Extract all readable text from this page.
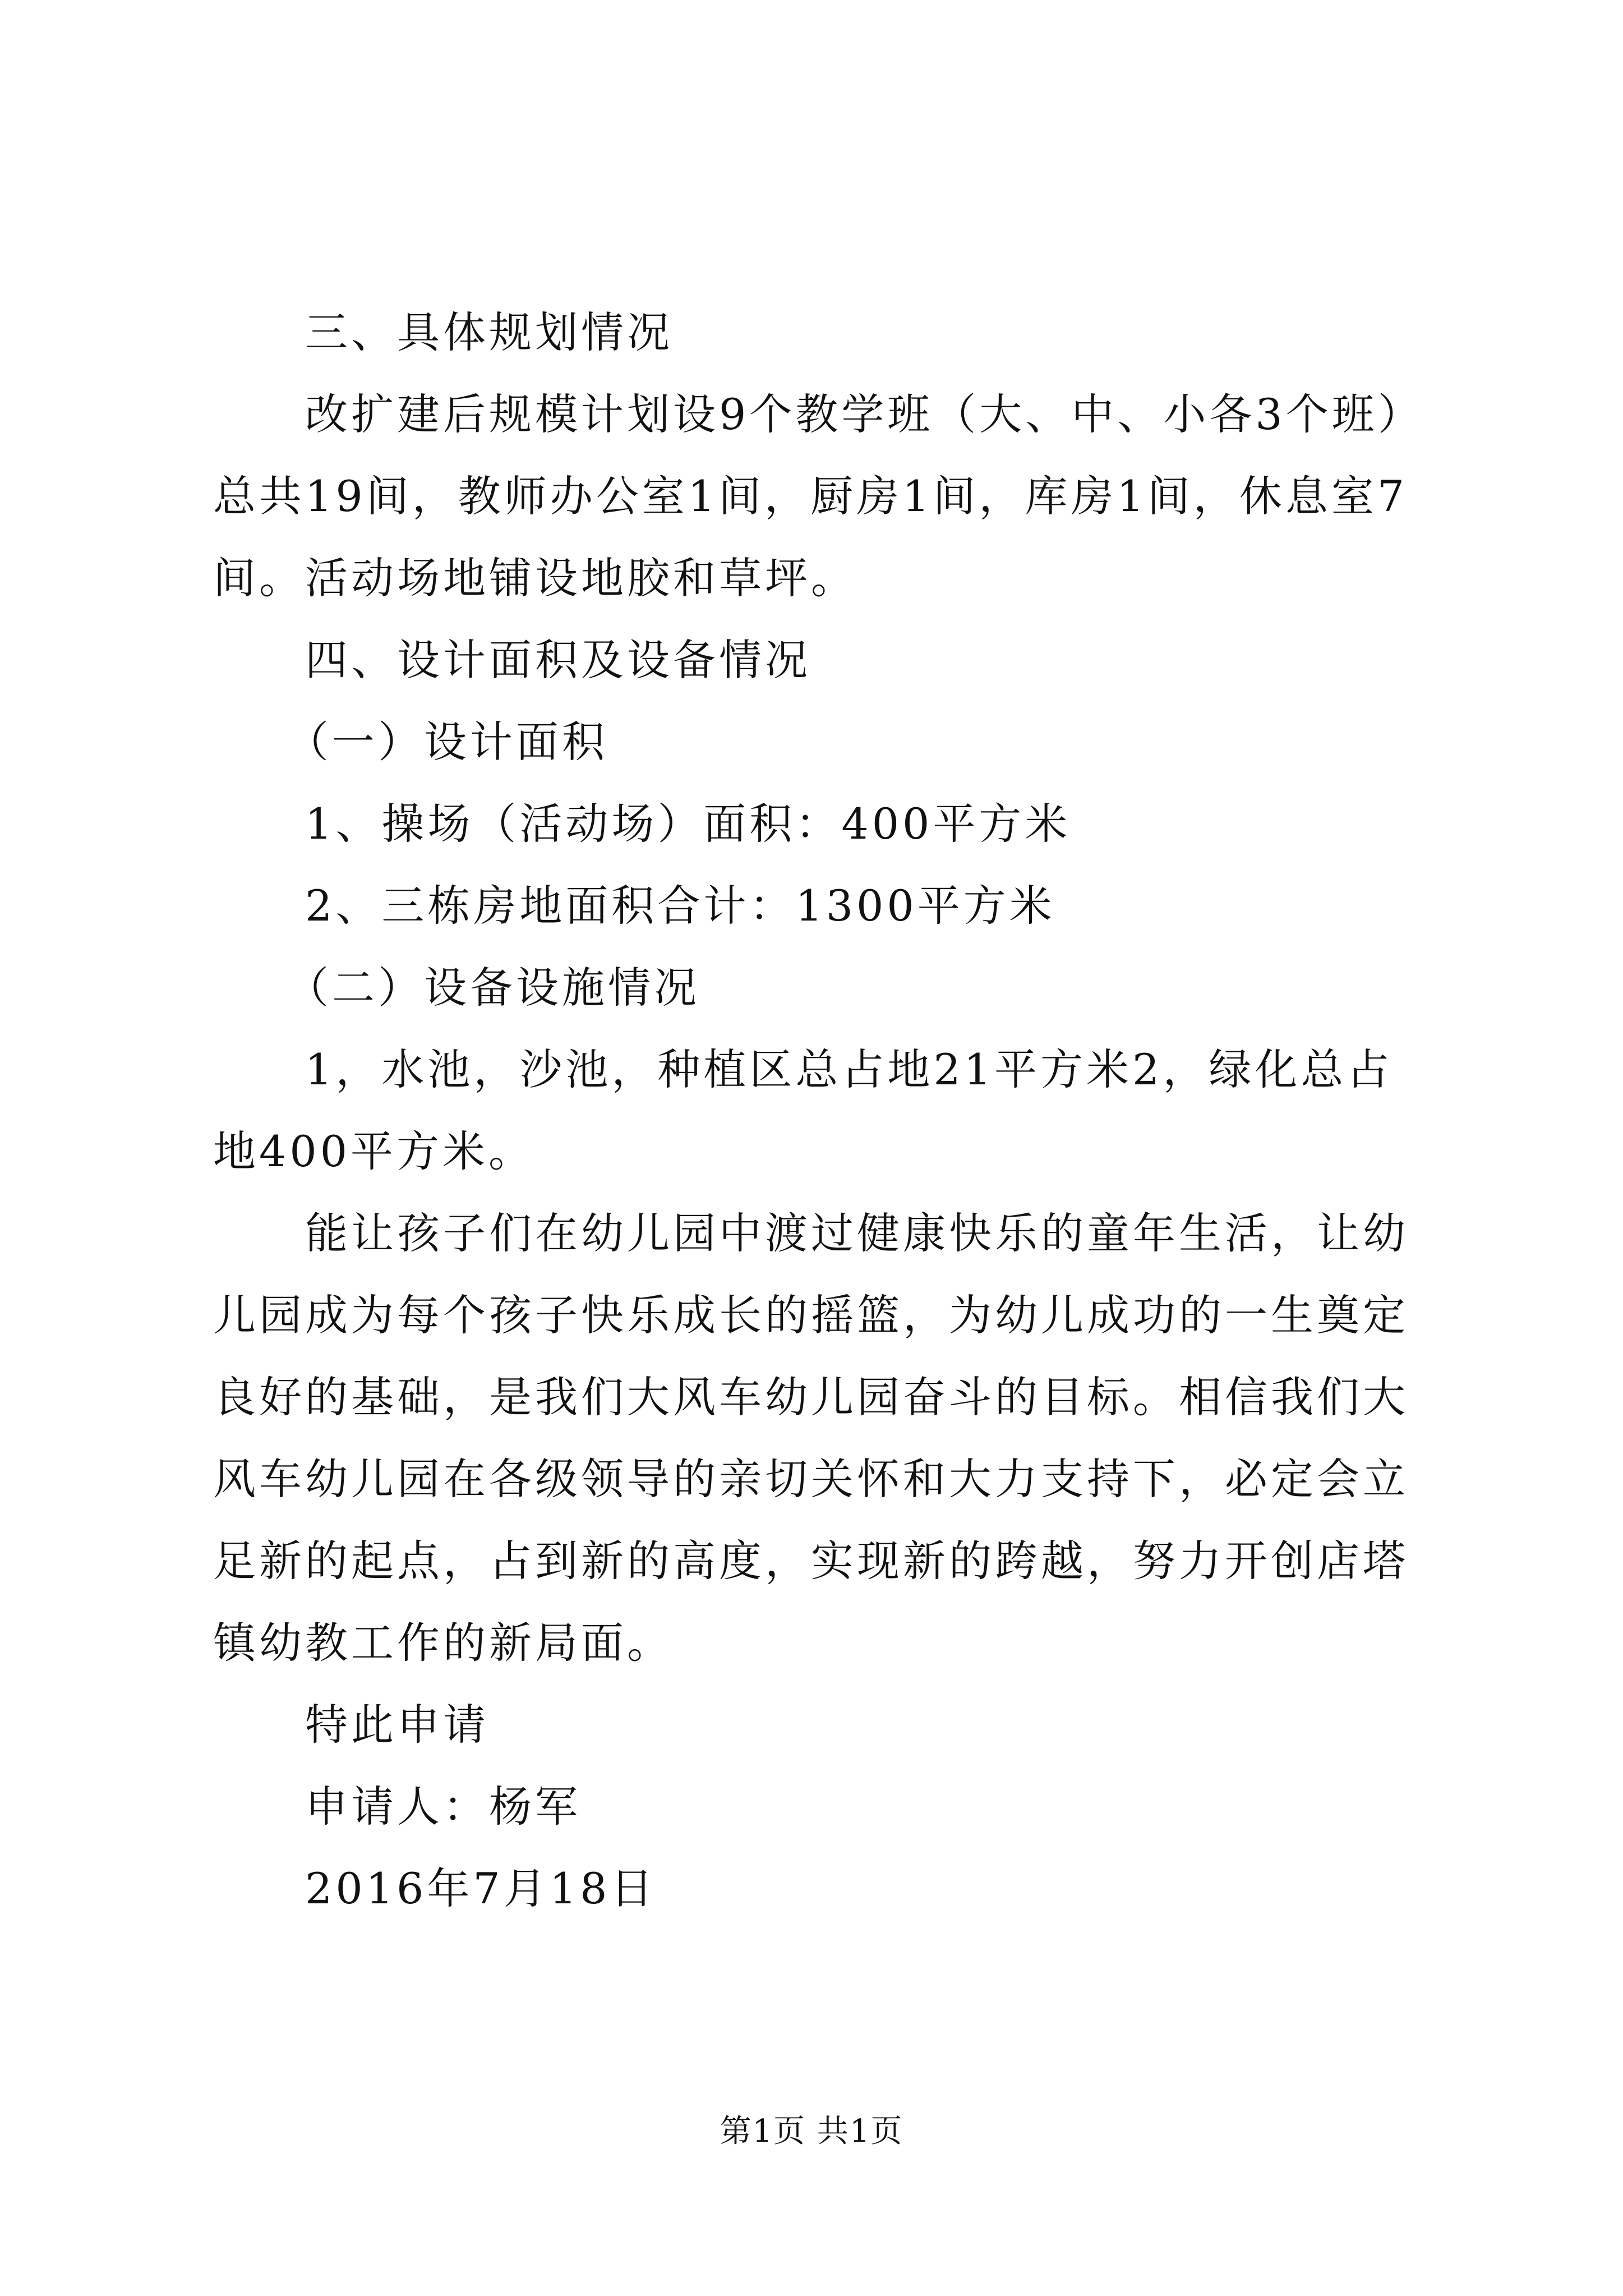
三、具体规划情况

改扩建后规模计划设9个教学班（大、中、小各3个班）总共19间，教师办公室1间，厨房1间，库房1间，休息室7间。活动场地铺设地胶和草坪。

四、设计面积及设备情况

（一）设计面积

1、操场（活动场）面积：400平方米

2、三栋房地面积合计：1300平方米

（二）设备设施情况

1，水池，沙池，种植区总占地21平方米2，绿化总占地400平方米。

能让孩子们在幼儿园中渡过健康快乐的童年生活，让幼儿园成为每个孩子快乐成长的摇篮，为幼儿成功的一生奠定良好的基础，是我们大风车幼儿园奋斗的目标。相信我们大风车幼儿园在各级领导的亲切关怀和大力支持下，必定会立足新的起点，占到新的高度，实现新的跨越，努力开创店塔镇幼教工作的新局面。

特此申请

申请人：杨军

2016年7月18日

第1页 共1页
